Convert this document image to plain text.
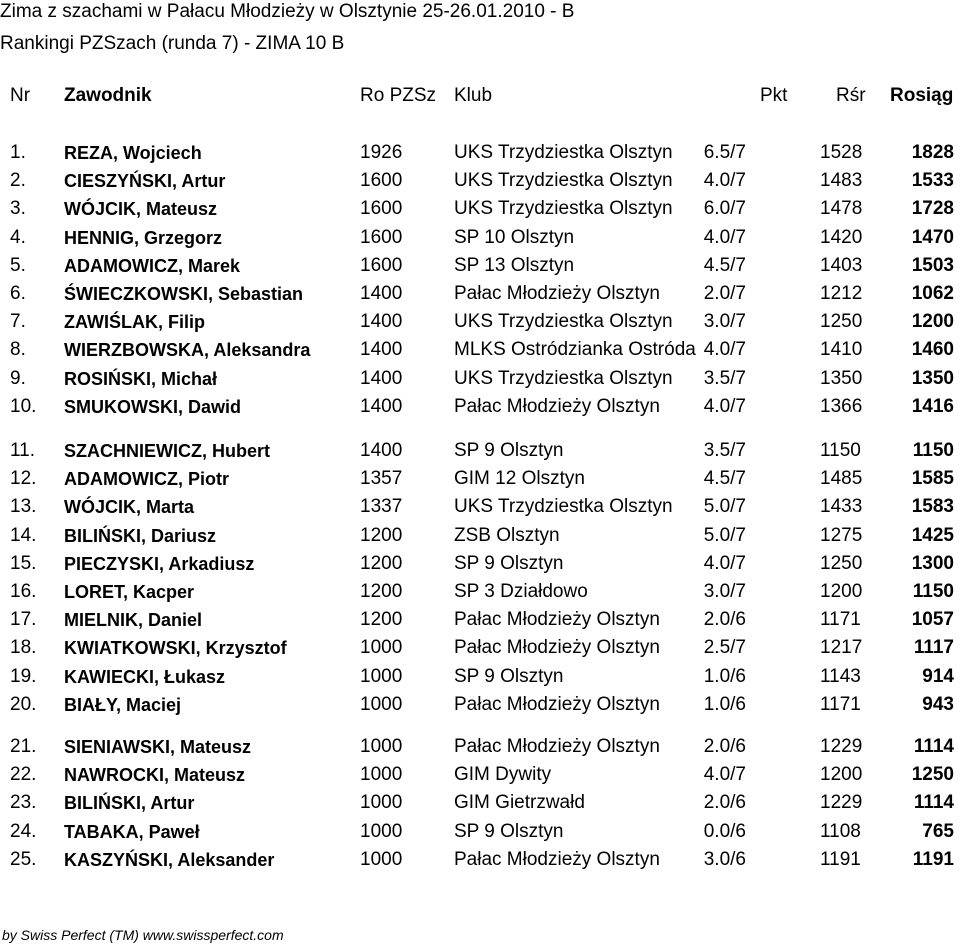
Zima z szachami w Pałacu Młodzieży w Olsztynie 25-26.01.2010 - B
Rankingi PZSzach (runda 7) - ZIMA 10 B
Nr Zawodnik	Ro PZSz Klub	Pkt	Rśr Rosiąg
1. REZA, Wojciech	1926	UKS Trzydziestka Olsztyn	6.5/7	1528	1828
2. CIESZYŃSKI, Artur	1600	UKS Trzydziestka Olsztyn	4.0/7	1483	1533
3. WÓJCIK, Mateusz	1600	UKS Trzydziestka Olsztyn	6.0/7	1478	1728
4. HENNIG, Grzegorz	1600	SP 10 Olsztyn	4.0/7	1420	1470
5. ADAMOWICZ, Marek	1600	SP 13 Olsztyn	4.5/7	1403	1503
6. ŚWIECZKOWSKI, Sebastian	1400	Pałac Młodzieży Olsztyn	2.0/7	1212	1062
7. ZAWIŚLAK, Filip	1400	UKS Trzydziestka Olsztyn	3.0/7	1250	1200
8. WIERZBOWSKA, Aleksandra	1400	MLKS Ostródzianka Ostróda 4.0/7	1410	1460
9. ROSIŃSKI, Michał	1400	UKS Trzydziestka Olsztyn	3.5/7	1350	1350
10. SMUKOWSKI, Dawid	1400	Pałac Młodzieży Olsztyn	4.0/7	1366	1416
11. SZACHNIEWICZ, Hubert	1400	SP 9 Olsztyn	3.5/7	1150	1150
12. ADAMOWICZ, Piotr	1357	GIM 12 Olsztyn	4.5/7	1485	1585
13. WÓJCIK, Marta	1337	UKS Trzydziestka Olsztyn	5.0/7	1433	1583
14. BILIŃSKI, Dariusz	1200	ZSB Olsztyn	5.0/7	1275	1425
15. PIECZYSKI, Arkadiusz	1200	SP 9 Olsztyn	4.0/7	1250	1300
16. LORET, Kacper	1200	SP 3 Działdowo	3.0/7	1200	1150
17. MIELNIK, Daniel	1200	Pałac Młodzieży Olsztyn	2.0/6	1171	1057
18. KWIATKOWSKI, Krzysztof	1000	Pałac Młodzieży Olsztyn	2.5/7	1217	1117
19. KAWIECKI, Łukasz	1000	SP 9 Olsztyn	1.0/6	1143	914
20. BIAŁY, Maciej	1000	Pałac Młodzieży Olsztyn	1.0/6	1171	943
21. SIENIAWSKI, Mateusz	1000	Pałac Młodzieży Olsztyn	2.0/6	1229	1114
22. NAWROCKI, Mateusz	1000	GIM Dywity	4.0/7	1200	1250
23. BILIŃSKI, Artur	1000	GIM Gietrzwałd	2.0/6	1229	1114
24. TABAKA, Paweł	1000	SP 9 Olsztyn	0.0/6	1108	765
25. KASZYŃSKI, Aleksander	1000	Pałac Młodzieży Olsztyn	3.0/6	1191	1191
by Swiss Perfect (TM) www.swissperfect.com
